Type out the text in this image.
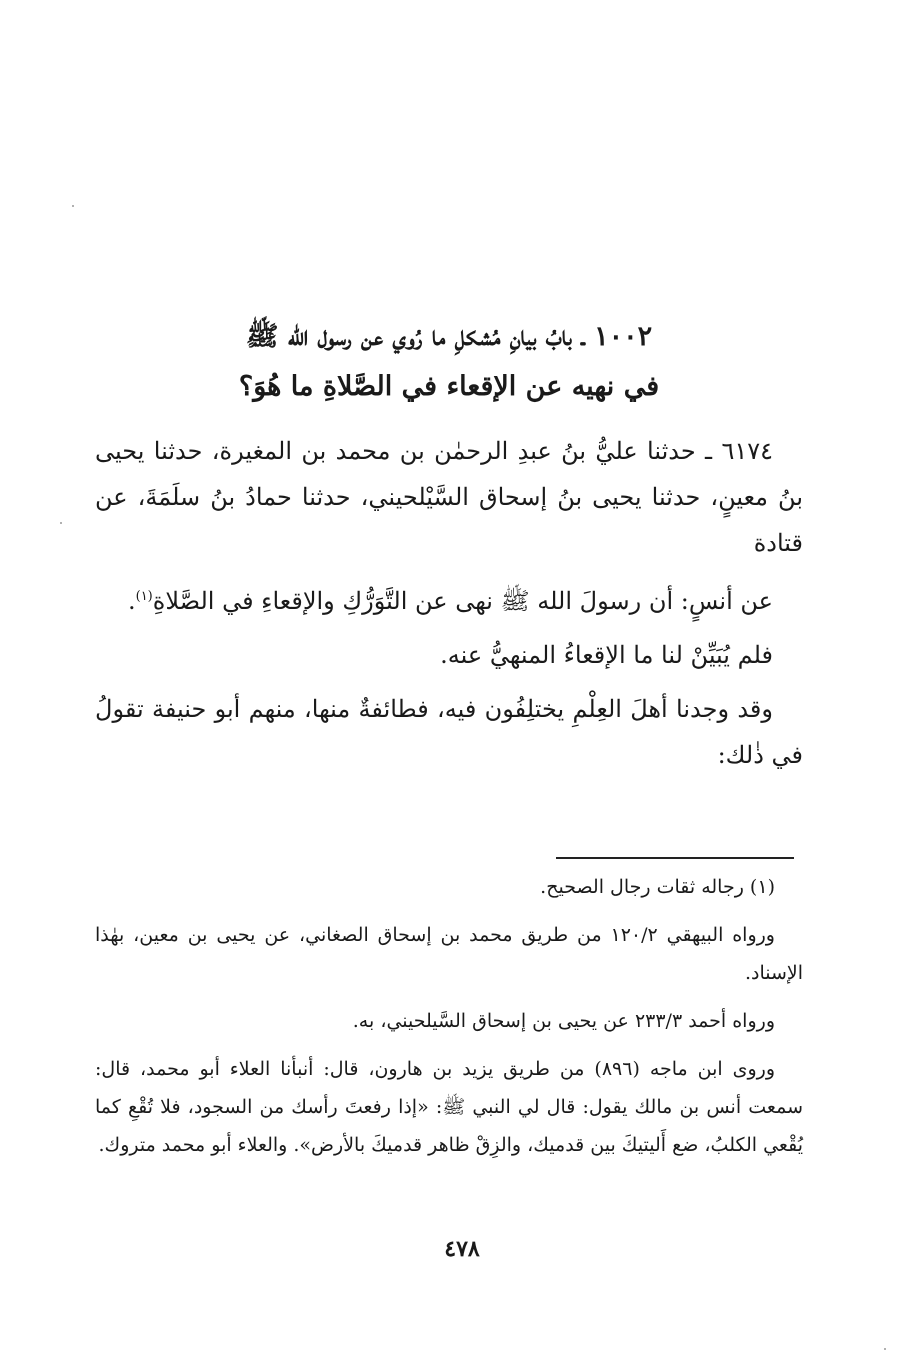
١٠٠٢ ـ بابُ بيانِ مُشكلِ ما رُوي عن رسول الله ﷺ
في نهيه عن الإقعاء في الصَّلاةِ ما هُوَ؟

٦١٧٤ ـ حدثنا عليُّ بنُ عبدِ الرحمٰن بن محمد بن المغيرة، حدثنا يحيى بنُ معينٍ، حدثنا يحيى بنُ إسحاق السَّيْلحيني، حدثنا حمادُ بنُ سلَمَةَ، عن قتادة

عن أنسٍ: أن رسولَ الله ﷺ نهى عن التَّوَرُّكِ والإقعاءِ في الصَّلاةِ$^{(١)}$.

فلم يُبَيِّنْ لنا ما الإقعاءُ المنهيُّ عنه.

وقد وجدنا أهلَ العِلْمِ يختلِفُون فيه، فطائفةٌ منها، منهم أبو حنيفة تقولُ في ذٰلك:

(١) رجاله ثقات رجال الصحيح.

ورواه البيهقي ١٢٠/٢ من طريق محمد بن إسحاق الصغاني، عن يحيى بن معين، بهٰذا الإسناد.

ورواه أحمد ٢٣٣/٣ عن يحيى بن إسحاق السَّيلحيني، به.

وروى ابن ماجه (٨٩٦) من طريق يزيد بن هارون، قال: أنبأنا العلاء أبو محمد، قال: سمعت أنس بن مالك يقول: قال لي النبي ﷺ: «إذا رفعتَ رأسك من السجود، فلا تُقْعِ كما يُقْعي الكلبُ، ضع أَليتيكَ بين قدميك، والزِقْ ظاهر قدميكَ بالأرض». والعلاء أبو محمد متروك.

٤٧٨
